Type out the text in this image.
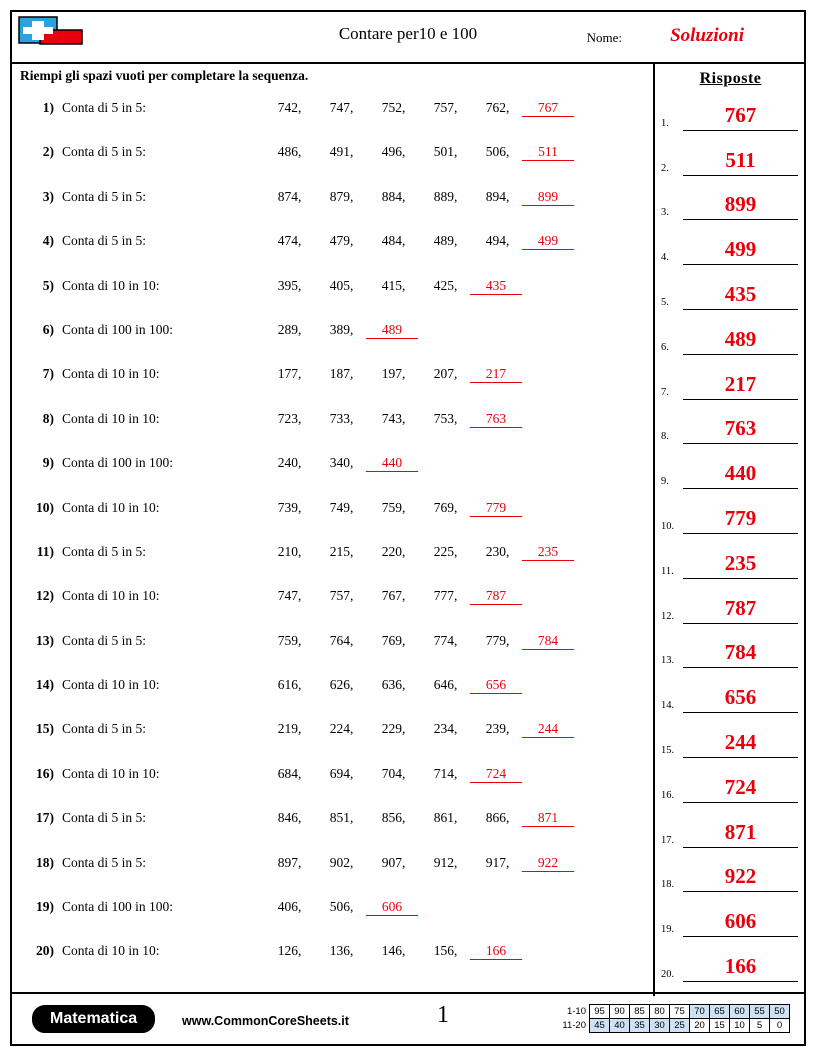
Contare per10 e 100	Nome:	Soluzioni
Riempi gli spazi vuoti per completare la sequenza.
1) Conta di 5 in 5:	742, 747, 752, 757, 762, 767
2) Conta di 5 in 5:	486, 491, 496, 501, 506, 511
3) Conta di 5 in 5:	874, 879, 884, 889, 894, 899
4) Conta di 5 in 5:	474, 479, 484, 489, 494, 499
5) Conta di 10 in 10:	395, 405, 415, 425, 435
6) Conta di 100 in 100:	289, 389, 489
7) Conta di 10 in 10:	177, 187, 197, 207, 217
8) Conta di 10 in 10:	723, 733, 743, 753, 763
9) Conta di 100 in 100:	240, 340, 440
10) Conta di 10 in 10:	739, 749, 759, 769, 779
11) Conta di 5 in 5:	210, 215, 220, 225, 230, 235
12) Conta di 10 in 10:	747, 757, 767, 777, 787
13) Conta di 5 in 5:	759, 764, 769, 774, 779, 784
14) Conta di 10 in 10:	616, 626, 636, 646, 656
15) Conta di 5 in 5:	219, 224, 229, 234, 239, 244
16) Conta di 10 in 10:	684, 694, 704, 714, 724
17) Conta di 5 in 5:	846, 851, 856, 861, 866, 871
18) Conta di 5 in 5:	897, 902, 907, 912, 917, 922
19) Conta di 100 in 100:	406, 506, 606
20) Conta di 10 in 10:	126, 136, 146, 156, 166
Risposte
1.	767
2.	511
3.	899
4.	499
5.	435
6.	489
7.	217
8.	763
9.	440
10.	779
11.	235
12.	787
13.	784
14.	656
15.	244
16.	724
17.	871
18.	922
19.	606
20.	166
Matematica	www.CommonCoreSheets.it	1	1-10	95	90	85	80	75	70	65	60	55	50
11-20	45	40	35	30	25	20	15	10	5	0
